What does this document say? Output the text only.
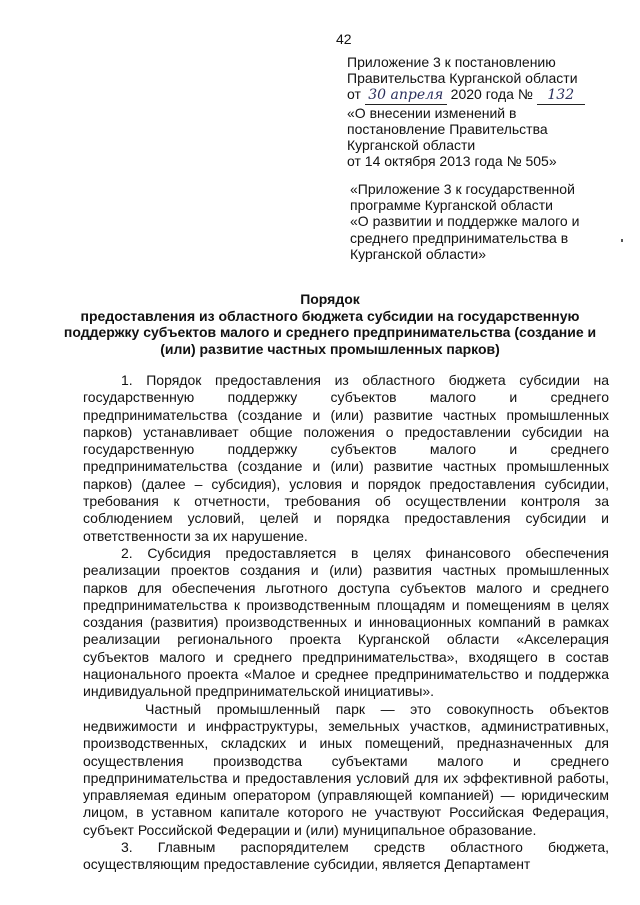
42
Приложение 3 к постановлению
Правительства Курганской области
от 30 апреля 2020 года № 132
«О внесении изменений в
постановление Правительства
Курганской области
от 14 октября 2013 года № 505»
«Приложение 3 к государственной
программе Курганской области
«О развитии и поддержке малого и
среднего предпринимательства в
Курганской области»
Порядок
предоставления из областного бюджета субсидии на государственную
поддержку субъектов малого и среднего предпринимательства (создание и
(или) развитие частных промышленных парков)

1. Порядок предоставления из областного бюджета субсидии на государственную поддержку субъектов малого и среднего предпринимательства (создание и (или) развитие частных промышленных парков) устанавливает общие положения о предоставлении субсидии на государственную поддержку субъектов малого и среднего предпринимательства (создание и (или) развитие частных промышленных парков) (далее – субсидия), условия и порядок предоставления субсидии, требования к отчетности, требования об осуществлении контроля за соблюдением условий, целей и порядка предоставления субсидии и ответственности за их нарушение.

2. Субсидия предоставляется в целях финансового обеспечения реализации проектов создания и (или) развития частных промышленных парков для обеспечения льготного доступа субъектов малого и среднего предпринимательства к производственным площадям и помещениям в целях создания (развития) производственных и инновационных компаний в рамках реализации регионального проекта Курганской области «Акселерация субъектов малого и среднего предпринимательства», входящего в состав национального проекта «Малое и среднее предпринимательство и поддержка индивидуальной предпринимательской инициативы».

Частный промышленный парк — это совокупность объектов недвижимости и инфраструктуры, земельных участков, административных, производственных, складских и иных помещений, предназначенных для осуществления производства субъектами малого и среднего предпринимательства и предоставления условий для их эффективной работы, управляемая единым оператором (управляющей компанией) — юридическим лицом, в уставном капитале которого не участвуют Российская Федерация, субъект Российской Федерации и (или) муниципальное образование.

3. Главным распорядителем средств областного бюджета, осуществляющим предоставление субсидии, является Департамент
